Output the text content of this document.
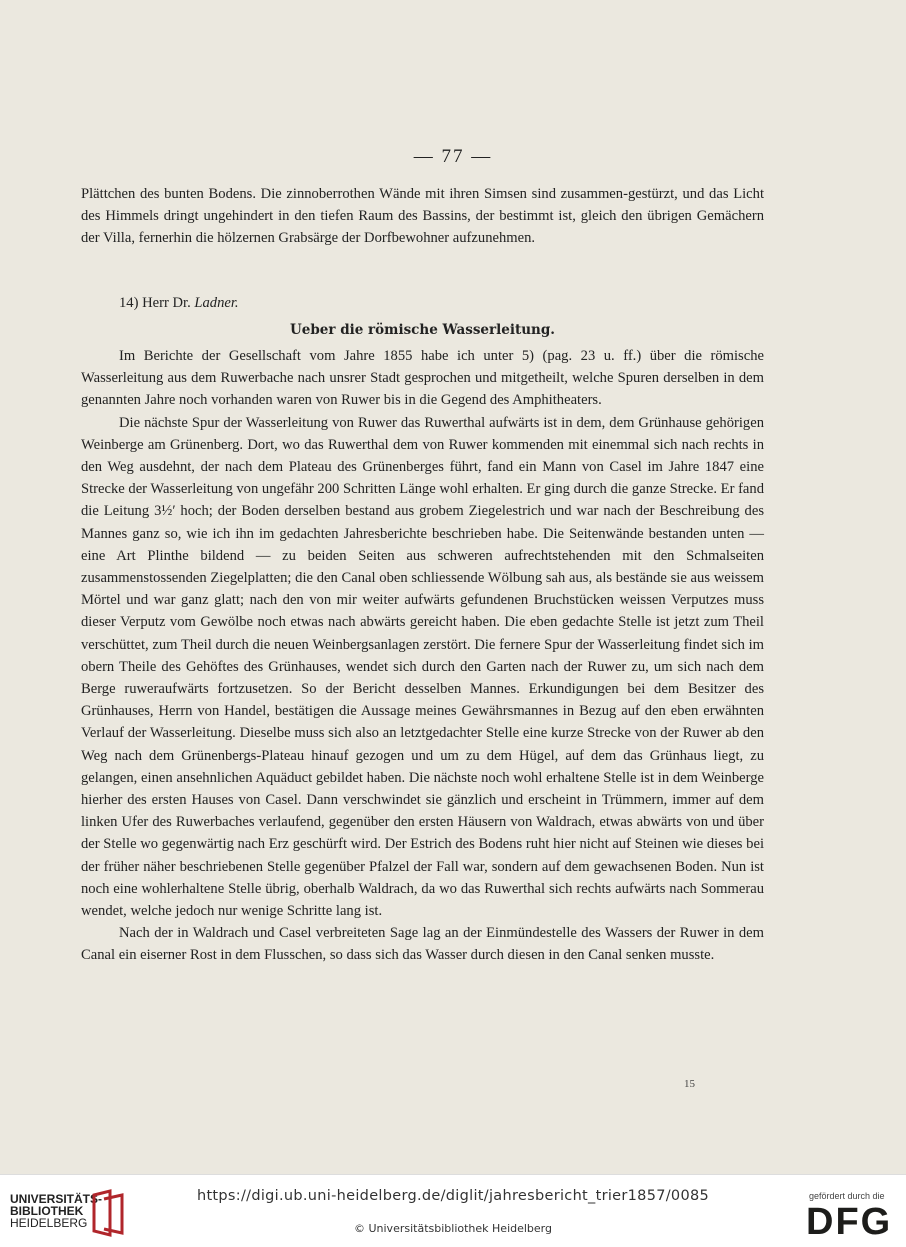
— 77 —

Plättchen des bunten Bodens. Die zinnoberrothen Wände mit ihren Simsen sind zusammen-gestürzt, und das Licht des Himmels dringt ungehindert in den tiefen Raum des Bassins, der bestimmt ist, gleich den übrigen Gemächern der Villa, fernerhin die hölzernen Grabsärge der Dorfbewohner aufzunehmen.

14) Herr Dr. Ladner.

Ueber die römische Wasserleitung.

Im Berichte der Gesellschaft vom Jahre 1855 habe ich unter 5) (pag. 23 u. ff.) über die römische Wasserleitung aus dem Ruwerbache nach unsrer Stadt gesprochen und mitgetheilt, welche Spuren derselben in dem genannten Jahre noch vorhanden waren von Ruwer bis in die Gegend des Amphitheaters.

Die nächste Spur der Wasserleitung von Ruwer das Ruwerthal aufwärts ist in dem, dem Grünhause gehörigen Weinberge am Grünenberg. Dort, wo das Ruwerthal dem von Ruwer kommenden mit einemmal sich nach rechts in den Weg ausdehnt, der nach dem Plateau des Grünenberges führt, fand ein Mann von Casel im Jahre 1847 eine Strecke der Wasserleitung von ungefähr 200 Schritten Länge wohl erhalten. Er ging durch die ganze Strecke. Er fand die Leitung 3½′ hoch; der Boden derselben bestand aus grobem Ziegelestrich und war nach der Beschreibung des Mannes ganz so, wie ich ihn im gedachten Jahresberichte beschrieben habe. Die Seitenwände bestanden unten — eine Art Plinthe bildend — zu beiden Seiten aus schweren aufrechtstehenden mit den Schmalseiten zusammenstossenden Ziegelplatten; die den Canal oben schliessende Wölbung sah aus, als bestände sie aus weissem Mörtel und war ganz glatt; nach den von mir weiter aufwärts gefundenen Bruchstücken weissen Verputzes muss dieser Verputz vom Gewölbe noch etwas nach abwärts gereicht haben. Die eben gedachte Stelle ist jetzt zum Theil verschüttet, zum Theil durch die neuen Weinbergsanlagen zerstört. Die fernere Spur der Wasserleitung findet sich im obern Theile des Gehöftes des Grünhauses, wendet sich durch den Garten nach der Ruwer zu, um sich nach dem Berge ruweraufwärts fortzusetzen. So der Bericht desselben Mannes. Erkundigungen bei dem Besitzer des Grünhauses, Herrn von Handel, bestätigen die Aussage meines Gewährsmannes in Bezug auf den eben erwähnten Verlauf der Wasserleitung. Dieselbe muss sich also an letztgedachter Stelle eine kurze Strecke von der Ruwer ab den Weg nach dem Grünenbergs-Plateau hinauf gezogen und um zu dem Hügel, auf dem das Grünhaus liegt, zu gelangen, einen ansehnlichen Aquäduct gebildet haben. Die nächste noch wohl erhaltene Stelle ist in dem Weinberge hierher des ersten Hauses von Casel. Dann verschwindet sie gänzlich und erscheint in Trümmern, immer auf dem linken Ufer des Ruwerbaches verlaufend, gegenüber den ersten Häusern von Waldrach, etwas abwärts von und über der Stelle wo gegenwärtig nach Erz geschürft wird. Der Estrich des Bodens ruht hier nicht auf Steinen wie dieses bei der früher näher beschriebenen Stelle gegenüber Pfalzel der Fall war, sondern auf dem gewachsenen Boden. Nun ist noch eine wohlerhaltene Stelle übrig, oberhalb Waldrach, da wo das Ruwerthal sich rechts aufwärts nach Sommerau wendet, welche jedoch nur wenige Schritte lang ist.

Nach der in Waldrach und Casel verbreiteten Sage lag an der Einmündestelle des Wassers der Ruwer in dem Canal ein eiserner Rost in dem Flusschen, so dass sich das Wasser durch diesen in den Canal senken musste.

15
UNIVERSITÄTS-
BIBLIOTHEK
HEIDELBERG
https://digi.ub.uni-heidelberg.de/diglit/jahresbericht_trier1857/0085
© Universitätsbibliothek Heidelberg
gefördert durch die
DFG
